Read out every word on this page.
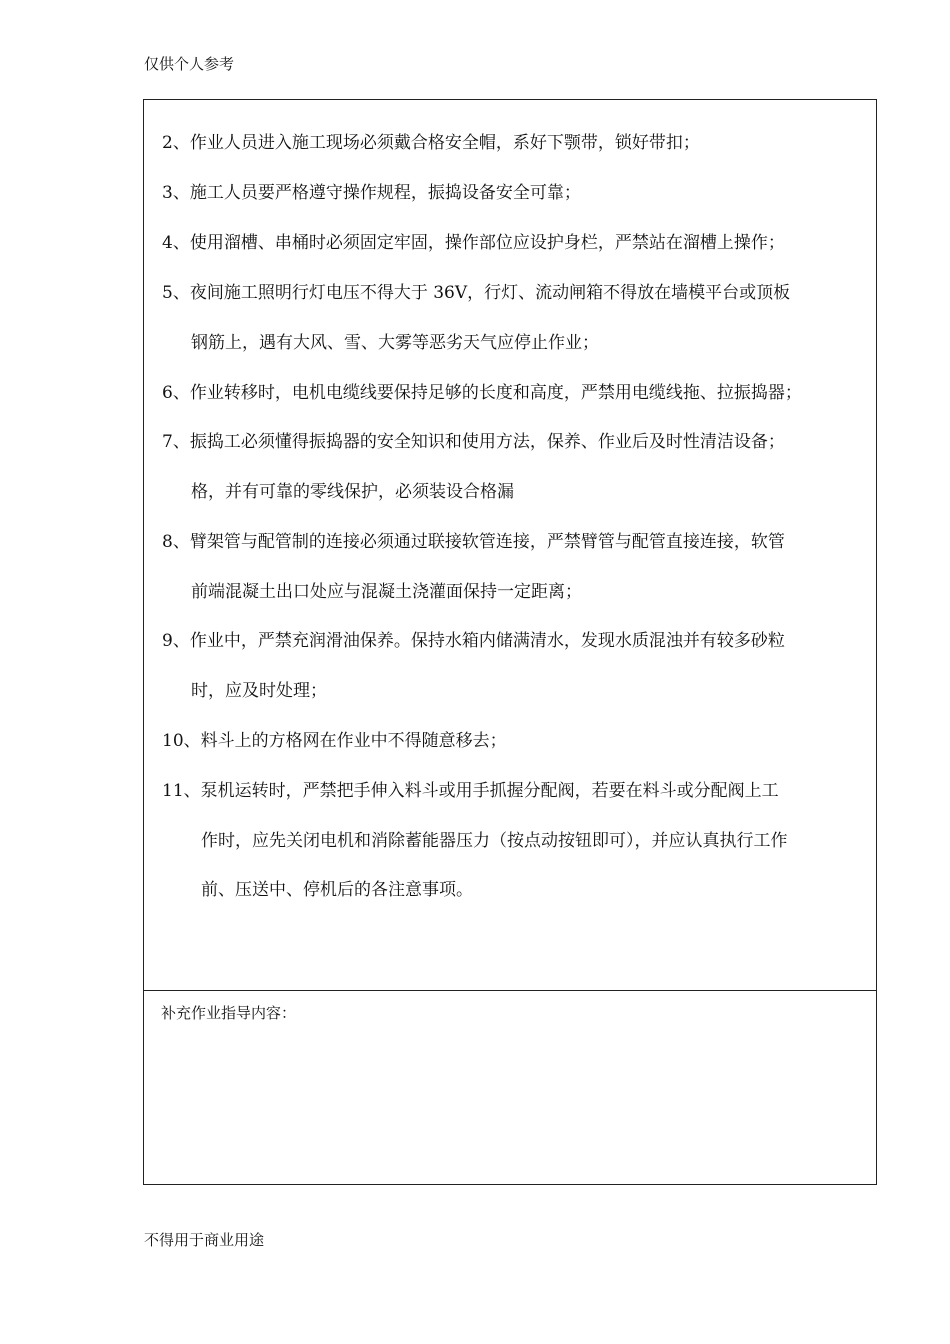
仅供个人参考
2、作业人员进入施工现场必须戴合格安全帽，系好下颚带，锁好带扣；
3、施工人员要严格遵守操作规程，振捣设备安全可靠；
4、使用溜槽、串桶时必须固定牢固，操作部位应设护身栏，严禁站在溜槽上操作；
5、夜间施工照明行灯电压不得大于 36V，行灯、流动闸箱不得放在墙模平台或顶板
钢筋上，遇有大风、雪、大雾等恶劣天气应停止作业；
6、作业转移时，电机电缆线要保持足够的长度和高度，严禁用电缆线拖、拉振捣器；
7、振捣工必须懂得振捣器的安全知识和使用方法，保养、作业后及时性清洁设备；
格，并有可靠的零线保护，必须装设合格漏
8、臂架管与配管制的连接必须通过联接软管连接，严禁臂管与配管直接连接，软管
前端混凝土出口处应与混凝土浇灌面保持一定距离；
9、作业中，严禁充润滑油保养。保持水箱内储满清水，发现水质混浊并有较多砂粒
时，应及时处理；
10、料斗上的方格网在作业中不得随意移去；
11、泵机运转时，严禁把手伸入料斗或用手抓握分配阀，若要在料斗或分配阀上工
作时，应先关闭电机和消除蓄能器压力（按点动按钮即可），并应认真执行工作
前、压送中、停机后的各注意事项。
补充作业指导内容：
不得用于商业用途
